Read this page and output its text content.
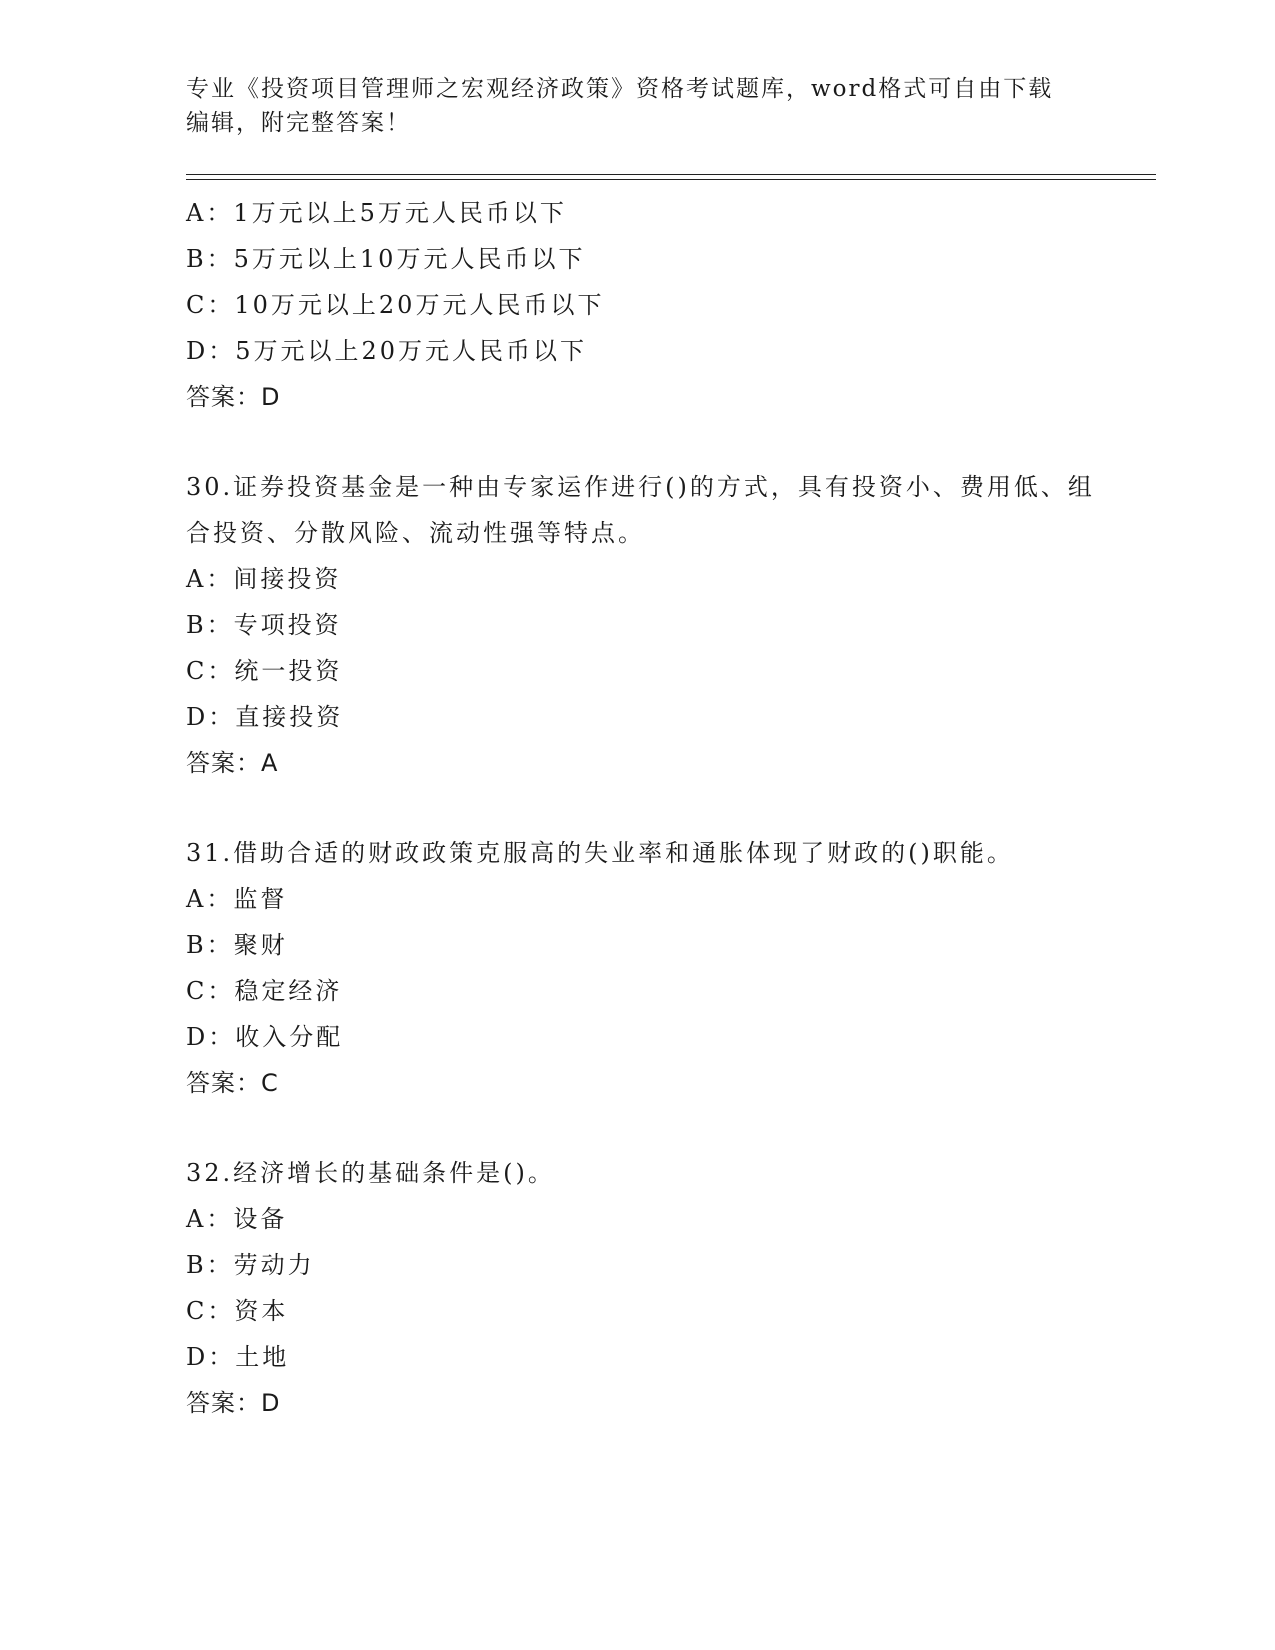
专业《投资项目管理师之宏观经济政策》资格考试题库，word格式可自由下载编辑，附完整答案！
A：1万元以上5万元人民币以下
B：5万元以上10万元人民币以下
C：10万元以上20万元人民币以下
D：5万元以上20万元人民币以下
答案：D
30.证券投资基金是一种由专家运作进行()的方式，具有投资小、费用低、组合投资、分散风险、流动性强等特点。
A：间接投资
B：专项投资
C：统一投资
D：直接投资
答案：A
31.借助合适的财政政策克服高的失业率和通胀体现了财政的()职能。
A：监督
B：聚财
C：稳定经济
D：收入分配
答案：C
32.经济增长的基础条件是()。
A：设备
B：劳动力
C：资本
D：土地
答案：D
